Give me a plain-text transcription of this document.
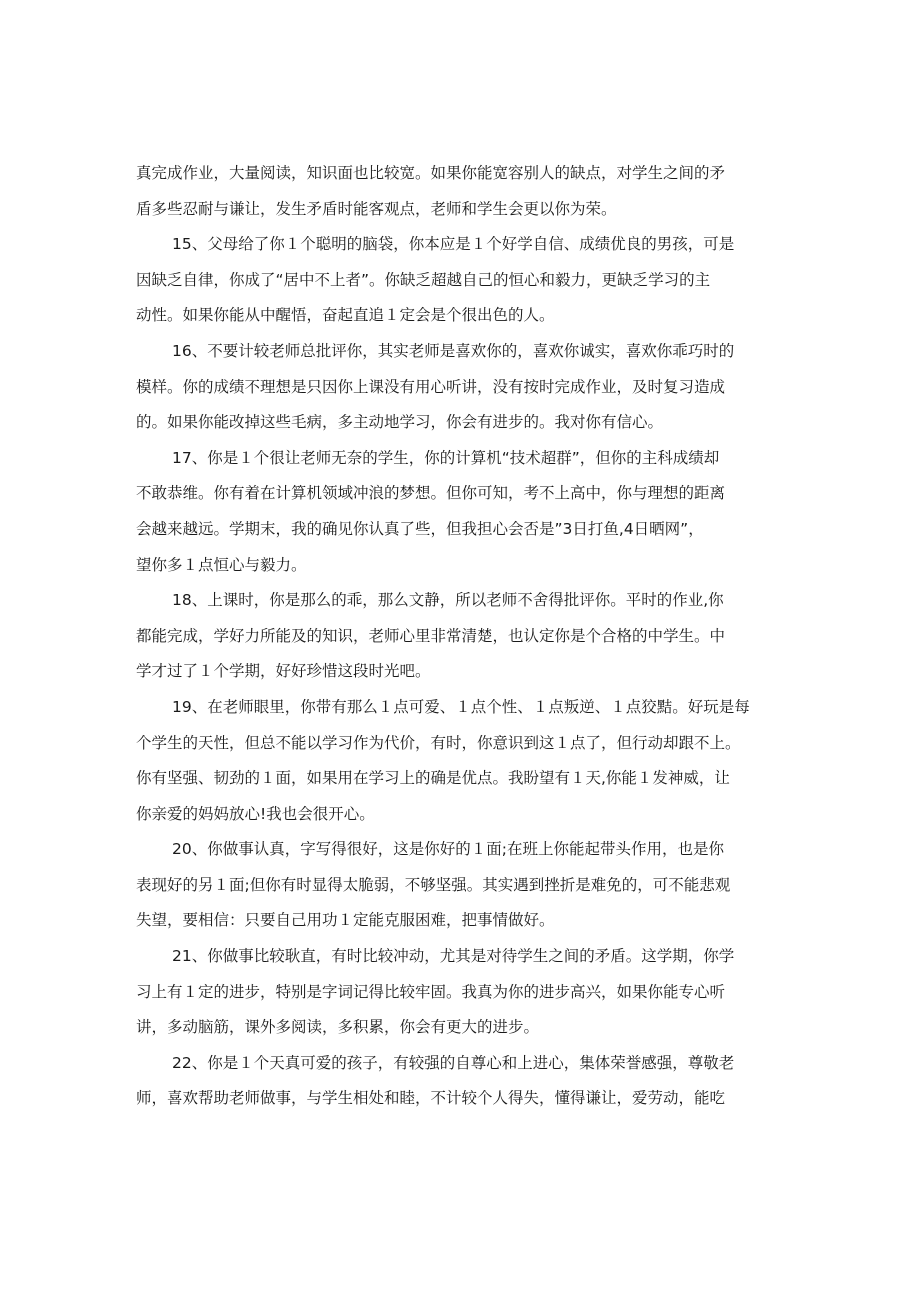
真完成作业，大量阅读，知识面也比较宽。如果你能宽容别人的缺点，对学生之间的矛
盾多些忍耐与谦让，发生矛盾时能客观点，老师和学生会更以你为荣。

15、父母给了你１个聪明的脑袋，你本应是１个好学自信、成绩优良的男孩，可是
因缺乏自律，你成了“居中不上者”。你缺乏超越自己的恒心和毅力，更缺乏学习的主
动性。如果你能从中醒悟，奋起直追１定会是个很出色的人。

16、不要计较老师总批评你，其实老师是喜欢你的，喜欢你诚实，喜欢你乖巧时的
模样。你的成绩不理想是只因你上课没有用心听讲，没有按时完成作业，及时复习造成
的。如果你能改掉这些毛病，多主动地学习，你会有进步的。我对你有信心。

17、你是１个很让老师无奈的学生，你的计算机“技术超群”，但你的主科成绩却
不敢恭维。你有着在计算机领域冲浪的梦想。但你可知，考不上高中，你与理想的距离
会越来越远。学期末，我的确见你认真了些，但我担心会否是”3日打鱼,4日晒网”，
望你多１点恒心与毅力。

18、上课时，你是那么的乖，那么文静，所以老师不舍得批评你。平时的作业,你
都能完成，学好力所能及的知识，老师心里非常清楚，也认定你是个合格的中学生。中
学才过了１个学期，好好珍惜这段时光吧。

19、在老师眼里，你带有那么１点可爱、１点个性、１点叛逆、１点狡黠。好玩是每
个学生的天性，但总不能以学习作为代价，有时，你意识到这１点了，但行动却跟不上。
你有坚强、韧劲的１面，如果用在学习上的确是优点。我盼望有１天,你能１发神威，让
你亲爱的妈妈放心!我也会很开心。

20、你做事认真，字写得很好，这是你好的１面;在班上你能起带头作用，也是你
表现好的另１面;但你有时显得太脆弱，不够坚强。其实遇到挫折是难免的，可不能悲观
失望，要相信：只要自己用功１定能克服困难，把事情做好。

21、你做事比较耿直，有时比较冲动，尤其是对待学生之间的矛盾。这学期，你学
习上有１定的进步，特别是字词记得比较牢固。我真为你的进步高兴，如果你能专心听
讲，多动脑筋，课外多阅读，多积累，你会有更大的进步。

22、你是１个天真可爱的孩子，有较强的自尊心和上进心，集体荣誉感强，尊敬老
师，喜欢帮助老师做事，与学生相处和睦，不计较个人得失，懂得谦让，爱劳动，能吃
